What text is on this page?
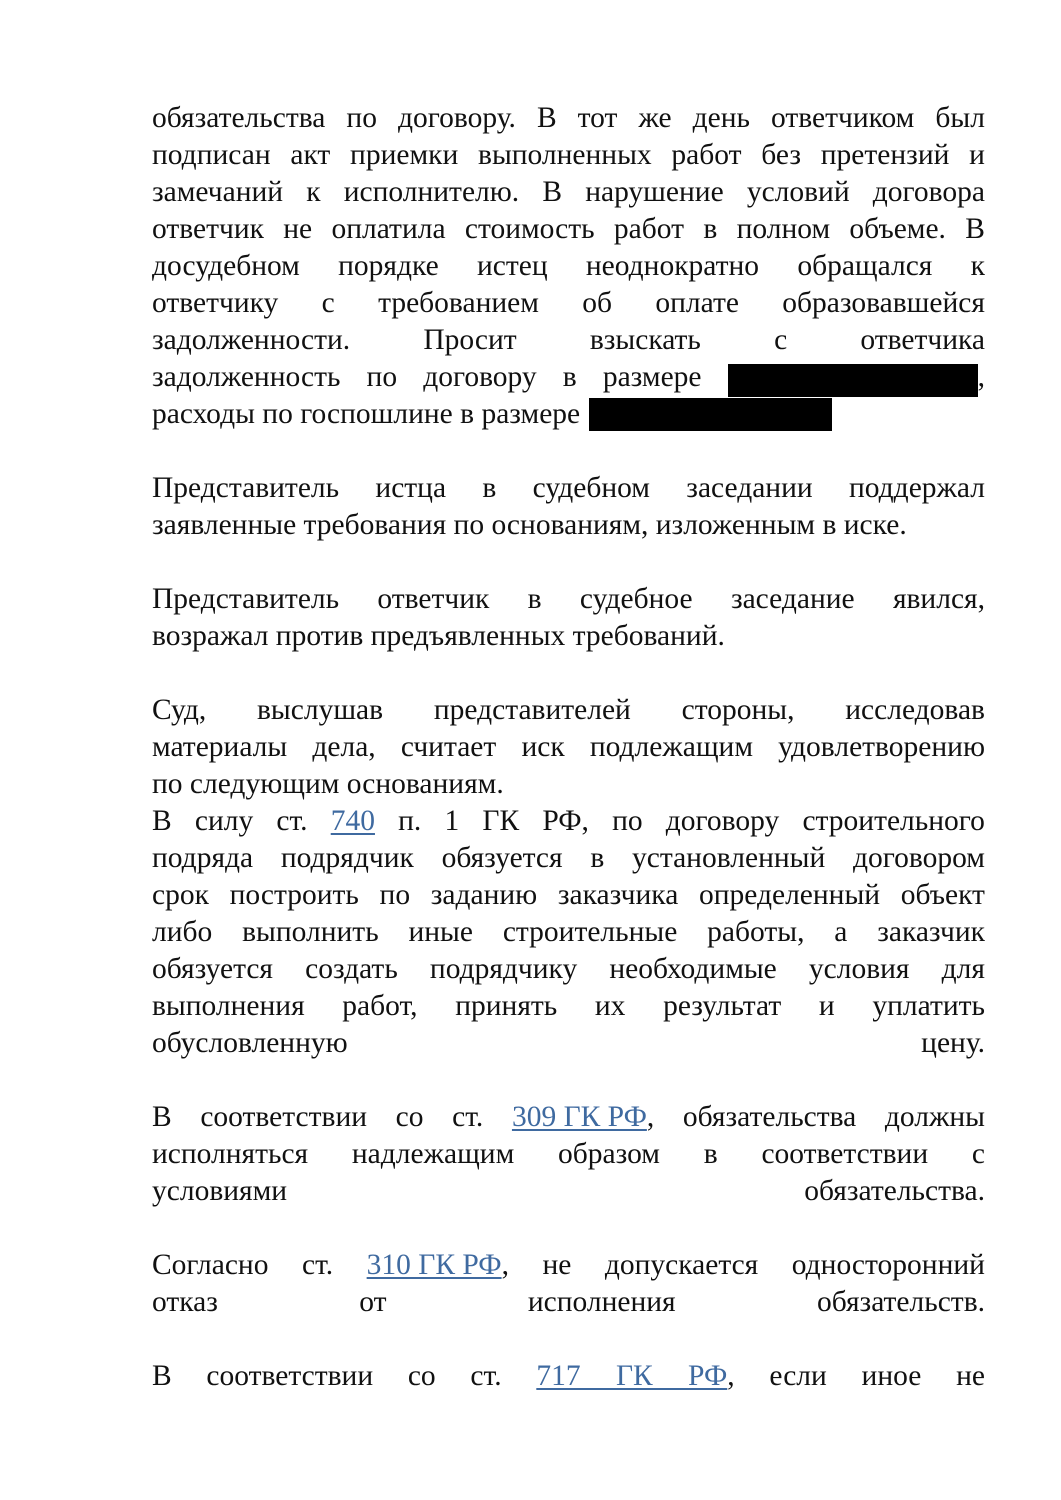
обязательства по договору. В тот же день ответчиком был
подписан акт приемки выполненных работ без претензий и
замечаний к исполнителю. В нарушение условий договора
ответчик не оплатила стоимость работ в полном объеме. В
досудебном порядке истец неоднократно обращался к
ответчику с требованием об оплате образовавшейся
задолженности. Просит взыскать с ответчика
задолженность по договору в размере	,
расходы по госпошлине в размере
Представитель истца в судебном заседании поддержал
заявленные требования по основаниям, изложенным в иске.
Представитель ответчик в судебное заседание явился,
возражал против предъявленных требований.
Суд, выслушав представителей стороны, исследовав
материалы дела, считает иск подлежащим удовлетворению
по следующим основаниям.
В силу ст. 740 п. 1 ГК РФ, по договору строительного
подряда подрядчик обязуется в установленный договором
срок построить по заданию заказчика определенный объект
либо выполнить иные строительные работы, а заказчик
обязуется создать подрядчику необходимые условия для
выполнения работ, принять их результат и уплатить
обусловленную	цену.
В соответствии со ст. 309 ГК РФ, обязательства должны
исполняться надлежащим образом в соответствии с
условиями	обязательства.
Согласно ст. 310 ГК РФ, не допускается односторонний
отказ	от	исполнения	обязательств.
В соответствии со ст. 717 ГК РФ, если иное не
